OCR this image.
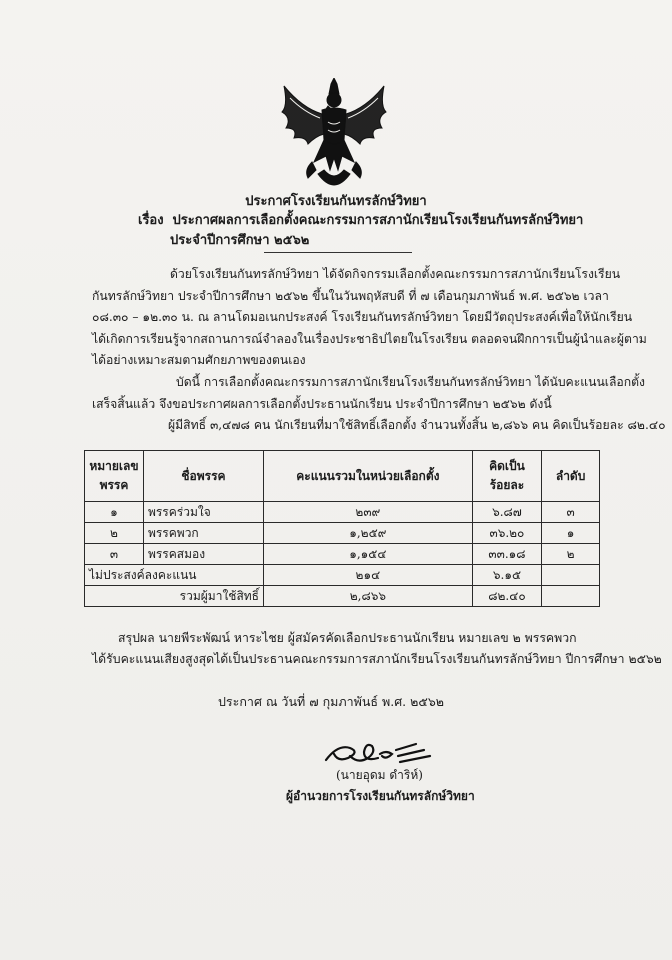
ประกาศโรงเรียนกันทรลักษ์วิทยา
เรื่อง ประกาศผลการเลือกตั้งคณะกรรมการสภานักเรียนโรงเรียนกันทรลักษ์วิทยา
ประจำปีการศึกษา ๒๕๖๒
ด้วยโรงเรียนกันทรลักษ์วิทยา ได้จัดกิจกรรมเลือกตั้งคณะกรรมการสภานักเรียนโรงเรียน
กันทรลักษ์วิทยา ประจำปีการศึกษา ๒๕๖๒ ขึ้นในวันพฤหัสบดี ที่ ๗ เดือนกุมภาพันธ์ พ.ศ. ๒๕๖๒ เวลา
๐๘.๓๐ – ๑๒.๓๐ น. ณ ลานโดมอเนกประสงค์ โรงเรียนกันทรลักษ์วิทยา โดยมีวัตถุประสงค์เพื่อให้นักเรียน
ได้เกิดการเรียนรู้จากสถานการณ์จำลองในเรื่องประชาธิปไตยในโรงเรียน ตลอดจนฝึกการเป็นผู้นำและผู้ตาม
ได้อย่างเหมาะสมตามศักยภาพของตนเอง
บัดนี้ การเลือกตั้งคณะกรรมการสภานักเรียนโรงเรียนกันทรลักษ์วิทยา ได้นับคะแนนเลือกตั้ง
เสร็จสิ้นแล้ว จึงขอประกาศผลการเลือกตั้งประธานนักเรียน ประจำปีการศึกษา ๒๕๖๒ ดังนี้
ผู้มีสิทธิ์ ๓,๔๗๘ คน นักเรียนที่มาใช้สิทธิ์เลือกตั้ง จำนวนทั้งสิ้น ๒,๘๖๖ คน คิดเป็นร้อยละ ๘๒.๔๐
หมายเลข พรรค	ชื่อพรรค	คะแนนรวมในหน่วยเลือกตั้ง	คิดเป็น ร้อยละ	ลำดับ
๑	พรรคร่วมใจ	๒๓๙	๖.๘๗	๓
๒	พรรคพวก	๑,๒๕๙	๓๖.๒๐	๑
๓	พรรคสมอง	๑,๑๕๔	๓๓.๑๘	๒
ไม่ประสงค์ลงคะแนน		๒๑๔	๖.๑๕	
รวมผู้มาใช้สิทธิ์		๒,๘๖๖	๘๒.๔๐	
สรุปผล นายพีระพัฒน์ หาระไชย ผู้สมัครคัดเลือกประธานนักเรียน หมายเลข ๒ พรรคพวก
ได้รับคะแนนเสียงสูงสุดได้เป็นประธานคณะกรรมการสภานักเรียนโรงเรียนกันทรลักษ์วิทยา ปีการศึกษา ๒๕๖๒
ประกาศ ณ วันที่ ๗ กุมภาพันธ์ พ.ศ. ๒๕๖๒
(นายอุดม ดำริห์)
ผู้อำนวยการโรงเรียนกันทรลักษ์วิทยา
